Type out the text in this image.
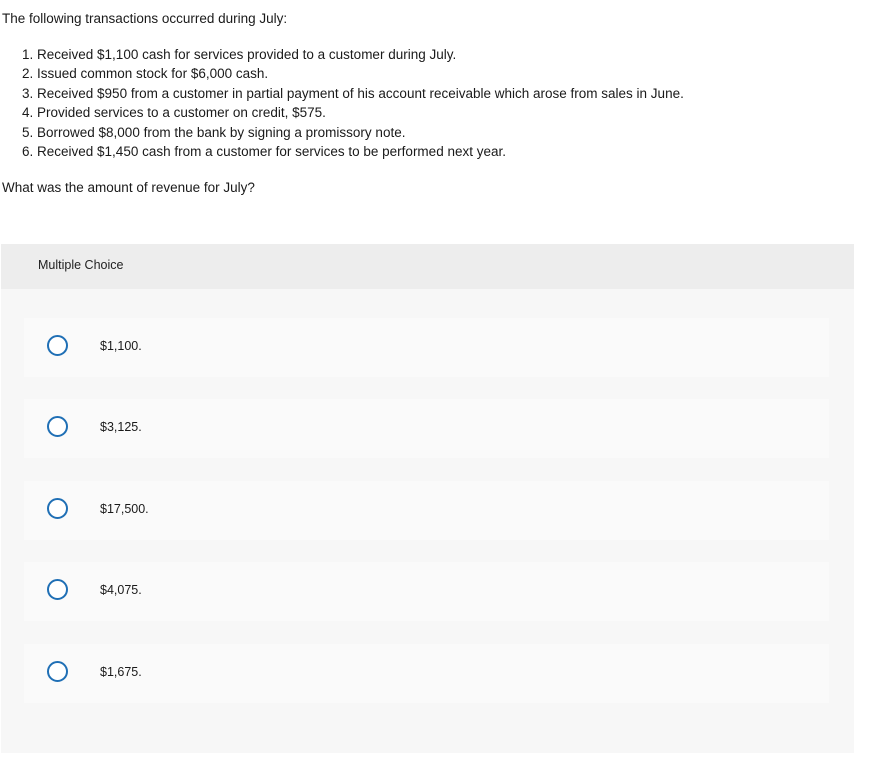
The following transactions occurred during July:

1. Received $1,100 cash for services provided to a customer during July.
2. Issued common stock for $6,000 cash.
3. Received $950 from a customer in partial payment of his account receivable which arose from sales in June.
4. Provided services to a customer on credit, $575.
5. Borrowed $8,000 from the bank by signing a promissory note.
6. Received $1,450 cash from a customer for services to be performed next year.

What was the amount of revenue for July?

Multiple Choice
$1,100.
$3,125.
$17,500.
$4,075.
$1,675.
